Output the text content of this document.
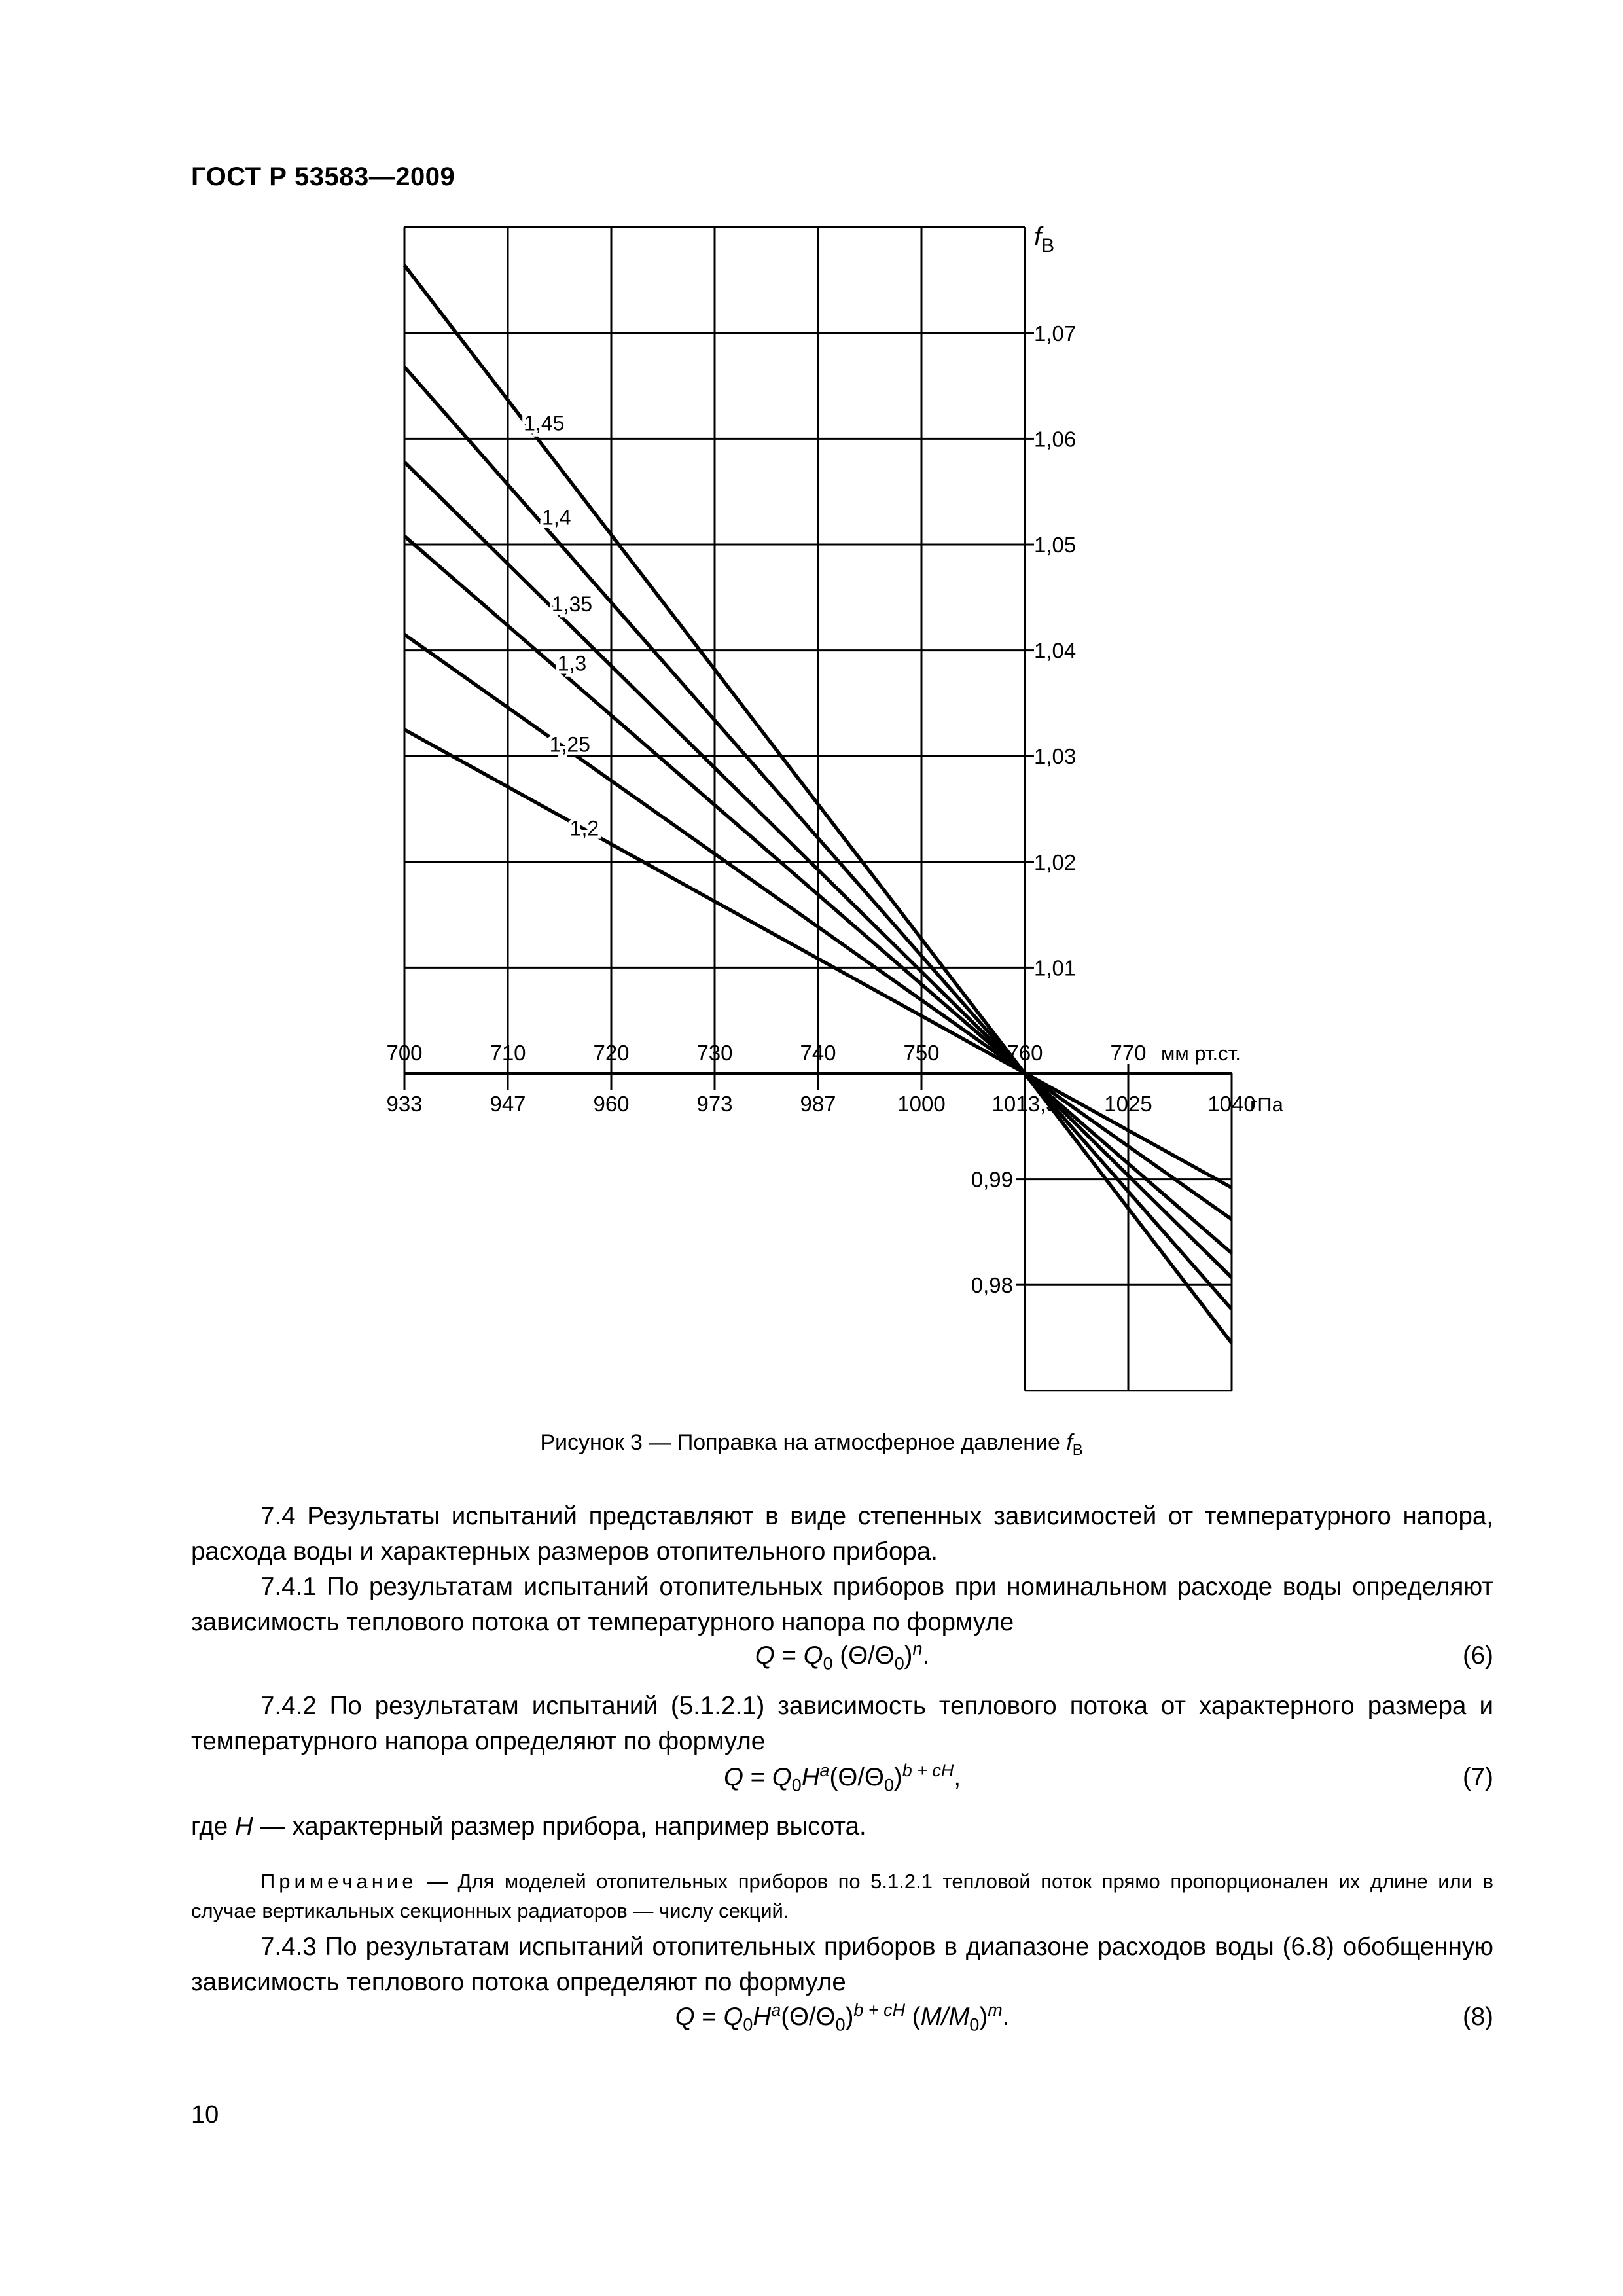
ГОСТ Р 53583—2009
1,07
1,06
1,05
1,04
1,03
1,02
1,01
0,99
0,98
700	710	720	730	740	750	760	770 мм рт.ст.
933	947	960	973	987	1000 1013,3 1025	1040
гПа
$f_В$
1,45
1,4
1,35
1,3
1,25
1,2
Рисунок 3 — Поправка на атмосферное давление $f_В$
7.4 Результаты испытаний представляют в виде степенных зависимостей от температурного напора, расхода воды и характерных размеров отопительного прибора.
7.4.1 По результатам испытаний отопительных приборов при номинальном расходе воды определяют зависимость теплового потока от температурного напора по формуле
$Q = Q_0$ $(\Theta/\Theta_0)^n$.	(6)
7.4.2 По результатам испытаний (5.1.2.1) зависимость теплового потока от характерного размера и температурного напора определяют по формуле
$Q = Q_0H^a(\Theta/\Theta_0)^{b + cH}$,	(7)
где H — характерный размер прибора, например высота.
Примечание — Для моделей отопительных приборов по 5.1.2.1 тепловой поток прямо пропорционален их длине или в случае вертикальных секционных радиаторов — числу секций.
7.4.3 По результатам испытаний отопительных приборов в диапазоне расходов воды (6.8) обобщенную зависимость теплового потока определяют по формуле
$Q = Q_0H^a(\Theta/\Theta_0)^{b + cH}$ $(M/M_0)^m$.	(8)
10
